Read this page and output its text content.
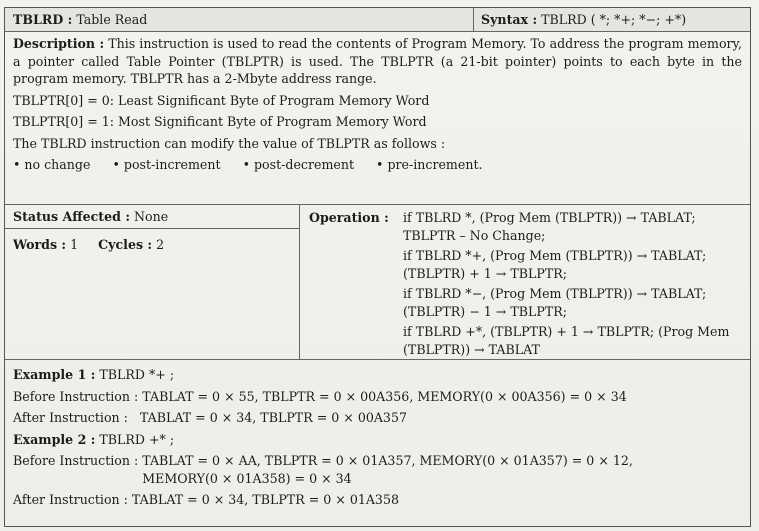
TBLRD : Table Read	Syntax : TBLRD ( *; *+; *−; +*)

Description : This instruction is used to read the contents of Program Memory. To address the program memory, a pointer called Table Pointer (TBLPTR) is used. The TBLPTR (a 21-bit pointer) points to each byte in the program memory. TBLPTR has a 2-Mbyte address range.

TBLPTR[0] = 0: Least Significant Byte of Program Memory Word

TBLPTR[0] = 1: Most Significant Byte of Program Memory Word

The TBLRD instruction can modify the value of TBLPTR as follows :

• no change • post-increment • post-decrement • pre-increment.

Status Affected : None
Words : 1 Cycles : 2
Operation : if TBLRD *, (Prog Mem (TBLPTR)) → TABLAT; TBLPTR – No Change;
if TBLRD *+, (Prog Mem (TBLPTR)) → TABLAT; (TBLPTR) + 1 → TBLPTR;
if TBLRD *−, (Prog Mem (TBLPTR)) → TABLAT; (TBLPTR) − 1 → TBLPTR;
if TBLRD +*, (TBLPTR) + 1 → TBLPTR; (Prog Mem (TBLPTR)) → TABLAT

Example 1 : TBLRD *+ ;

Before Instruction : TABLAT = 0 × 55, TBLPTR = 0 × 00A356, MEMORY(0 × 00A356) = 0 × 34

After Instruction : TABLAT = 0 × 34, TBLPTR = 0 × 00A357

Example 2 : TBLRD +* ;

Before Instruction : TABLAT = 0 × AA, TBLPTR = 0 × 01A357, MEMORY(0 × 01A357) = 0 × 12, MEMORY(0 × 01A358) = 0 × 34

After Instruction : TABLAT = 0 × 34, TBLPTR = 0 × 01A358
